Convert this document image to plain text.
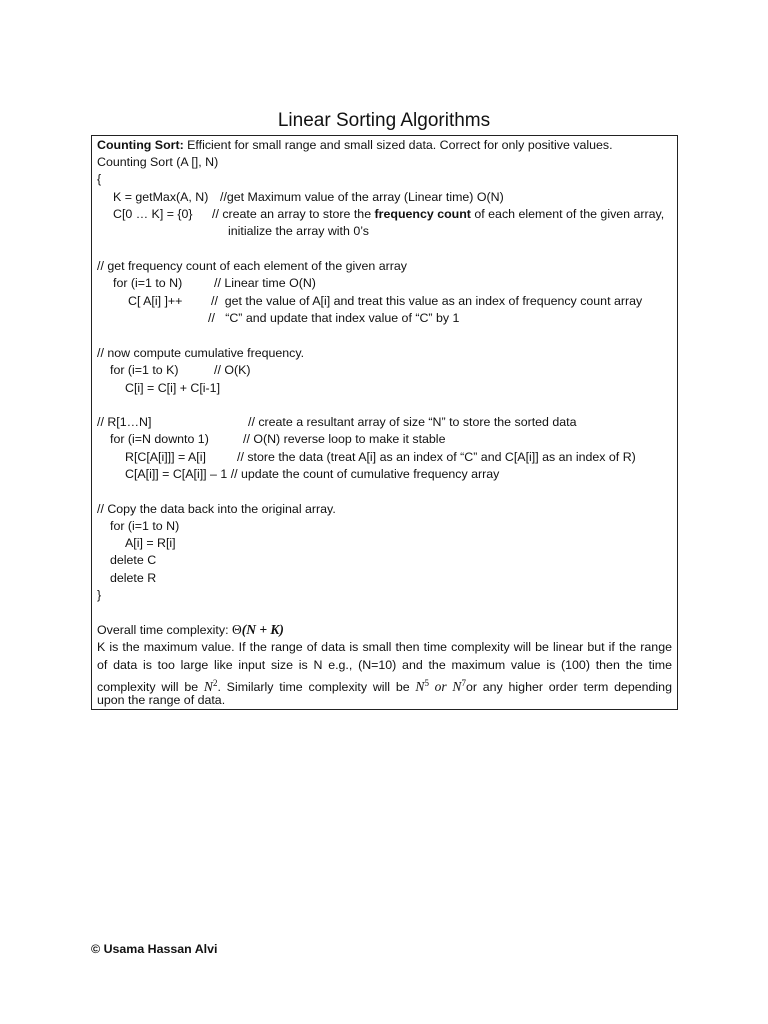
Linear Sorting Algorithms
Counting Sort: Efficient for small range and small sized data. Correct for only positive values.
Counting Sort (A [], N)
{
K = getMax(A, N) //get Maximum value of the array (Linear time) O(N)
C[0 … K] = {0} // create an array to store the frequency count of each element of the given array,
initialize the array with 0’s
// get frequency count of each element of the given array
for (i=1 to N)	// Linear time O(N)
C[ A[i] ]++ //  get the value of A[i] and treat this value as an index of frequency count array
//   “C” and update that index value of “C” by 1
// now compute cumulative frequency.
for (i=1 to K)	// O(K)
C[i] = C[i] + C[i-1]
// R[1…N]	// create a resultant array of size “N” to store the sorted data
for (i=N downto 1)	// O(N) reverse loop to make it stable
R[C[A[i]]] = A[i]	// store the data (treat A[i] as an index of “C” and C[A[i]] as an index of R)
C[A[i]] = C[A[i]] – 1 // update the count of cumulative frequency array
// Copy the data back into the original array.
for (i=1 to N)
A[i] = R[i]
delete C
delete R
}
Overall time complexity: Θ(N + K)
K is the maximum value. If the range of data is small then time complexity will be linear but if the range
of data is too large like input size is N e.g., (N=10) and the maximum value is (100) then the time
complexity will be $N^2$. Similarly time complexity will be $N^5$ or $N^7or$ any higher order term depending
upon the range of data.
© Usama Hassan Alvi
